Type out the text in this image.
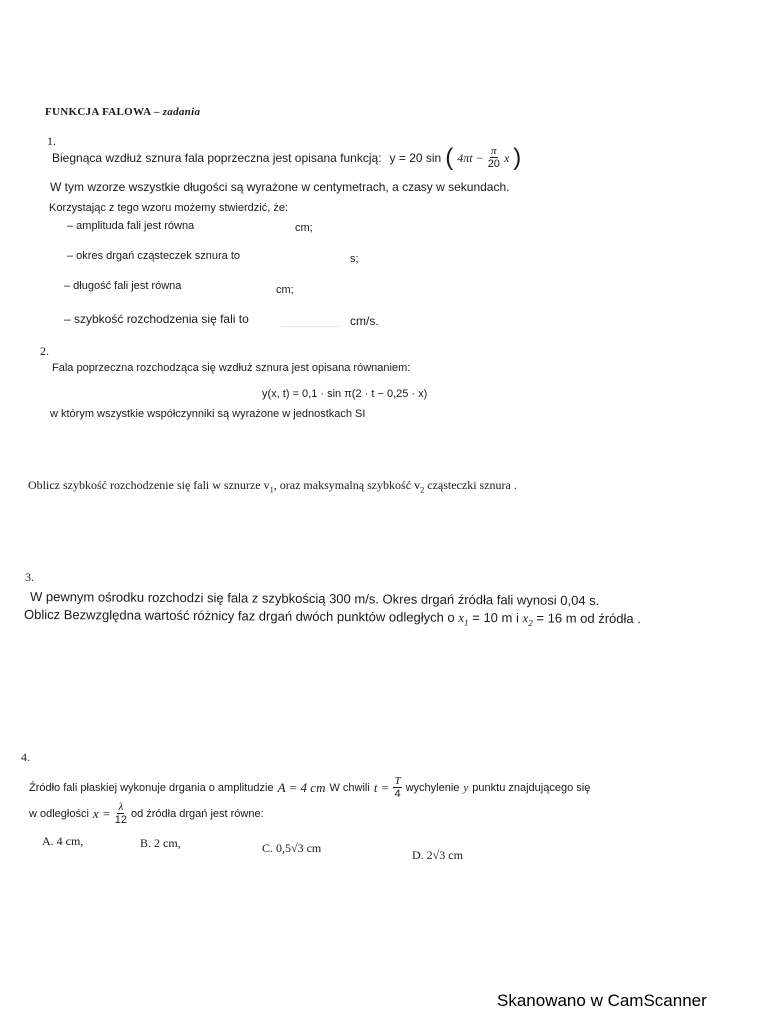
FUNKCJA FALOWA – zadania
1.
Biegnąca wzdłuż sznura fala poprzeczna jest opisana funkcją: y = 20 sin ( $4\pi t - \frac{\pi}{20}$ x )
W tym wzorze wszystkie długości są wyrażone w centymetrach, a czasy w sekundach.
Korzystając z tego wzoru możemy stwierdzić, że:
– amplituda fali jest równa	cm;
– okres drgań cząsteczek sznura to	s;
– długość fali jest równa	cm;
– szybkość rozchodzenia się fali to	cm/s.
2.
Fala poprzeczna rozchodząca się wzdłuż sznura jest opisana równaniem:
y(x, t) = 0,1 · sin π(2 · t − 0,25 · x)
w którym wszystkie współczynniki są wyrażone w jednostkach SI
Oblicz szybkość rozchodzenie się fali w sznurze $v_1$, oraz maksymalną szybkość $v_2$ cząsteczki sznura .
3.
W pewnym ośrodku rozchodzi się fala z szybkością 300 m/s. Okres drgań źródła fali wynosi 0,04 s.
Oblicz Bezwzględna wartość różnicy faz drgań dwóch punktów odległych o $x_1 = 10$ m i $x_2 = 16$ m od źródła .
4.
Źródło fali płaskiej wykonuje drgania o amplitudzie A = 4 cm W chwili $t = \frac{T}{4}$ wychylenie y punktu znajdującego się
w odległości $x = \frac{\lambda}{12}$ od źródła drgań jest równe:
A. 4 cm,	B. 2 cm,	C. 0,5√3 cm	D. 2√3 cm
Skanowano w CamScanner
